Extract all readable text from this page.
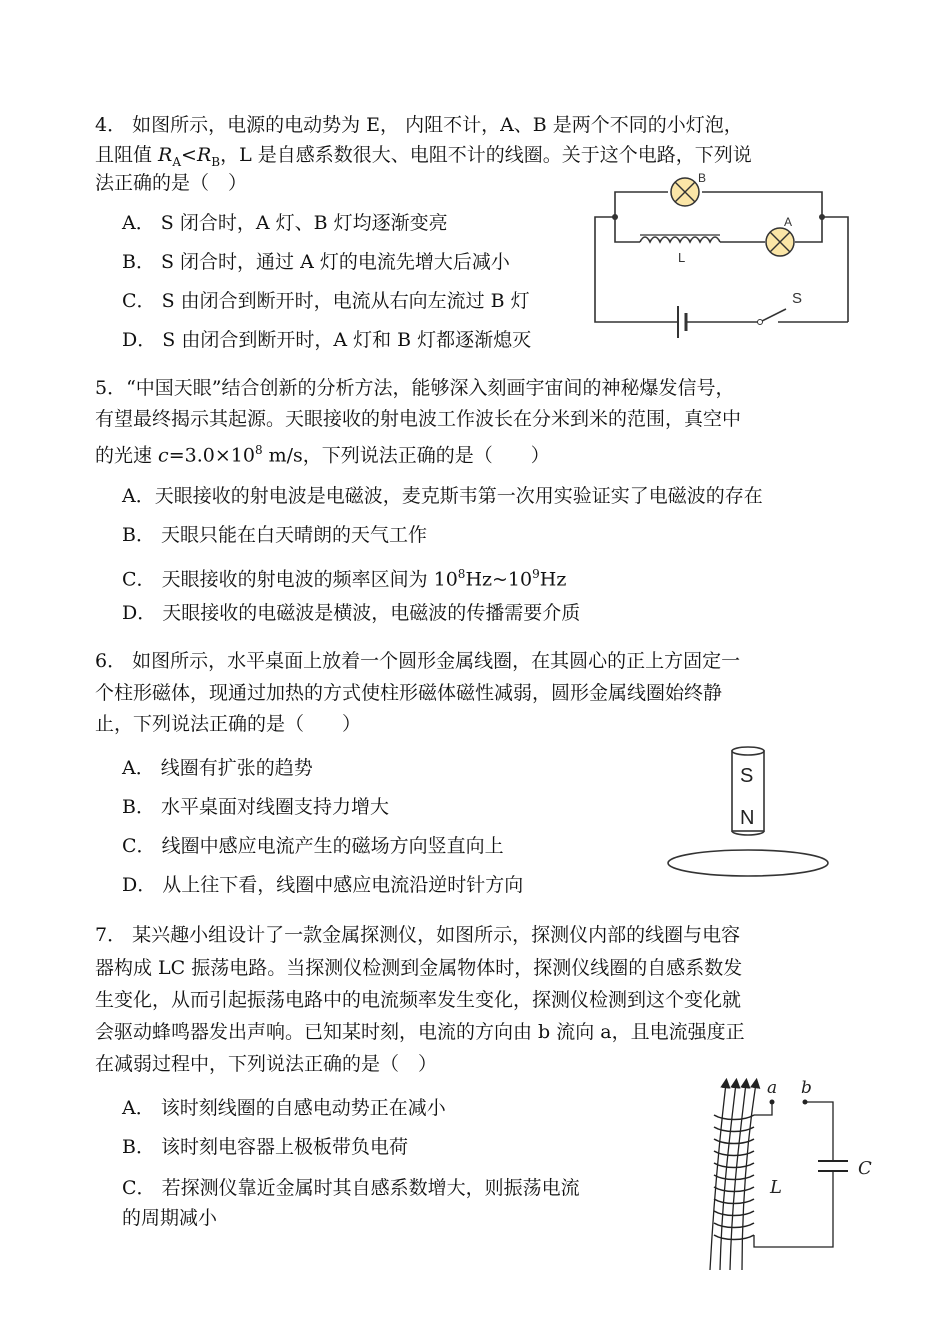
4． 如图所示，电源的电动势为 E， 内阻不计，A、B 是两个不同的小灯泡，
且阻值 $R_A<R_B$，L 是自感系数很大、电阻不计的线圈。关于这个电路，下列说
法正确的是（　）
A． S 闭合时，A 灯、B 灯均逐渐变亮
B． S 闭合时，通过 A 灯的电流先增大后减小
C． S 由闭合到断开时，电流从右向左流过 B 灯
D． S 由闭合到断开时，A 灯和 B 灯都逐渐熄灭
B
A
L
S
5．“中国天眼”结合创新的分析方法，能够深入刻画宇宙间的神秘爆发信号，
有望最终揭示其起源。天眼接收的射电波工作波长在分米到米的范围，真空中
的光速 $c=3.0\times 10^8$ m/s，下列说法正确的是（　　）
A．天眼接收的射电波是电磁波，麦克斯韦第一次用实验证实了电磁波的存在
B． 天眼只能在白天晴朗的天气工作
C． 天眼接收的射电波的频率区间为 $10^8Hz\sim 10^9Hz$
D． 天眼接收的电磁波是横波，电磁波的传播需要介质
6． 如图所示，水平桌面上放着一个圆形金属线圈，在其圆心的正上方固定一
个柱形磁体，现通过加热的方式使柱形磁体磁性减弱，圆形金属线圈始终静
止，下列说法正确的是（　　）
A． 线圈有扩张的趋势
B． 水平桌面对线圈支持力增大
C． 线圈中感应电流产生的磁场方向竖直向上
D． 从上往下看，线圈中感应电流沿逆时针方向
S
N
7． 某兴趣小组设计了一款金属探测仪，如图所示，探测仪内部的线圈与电容
器构成 LC 振荡电路。当探测仪检测到金属物体时，探测仪线圈的自感系数发
生变化，从而引起振荡电路中的电流频率发生变化，探测仪检测到这个变化就
会驱动蜂鸣器发出声响。已知某时刻，电流的方向由 b 流向 a，且电流强度正
在减弱过程中，下列说法正确的是（　）
A． 该时刻线圈的自感电动势正在减小
B． 该时刻电容器上极板带负电荷
C． 若探测仪靠近金属时其自感系数增大，则振荡电流
的周期减小
a b
L
C
